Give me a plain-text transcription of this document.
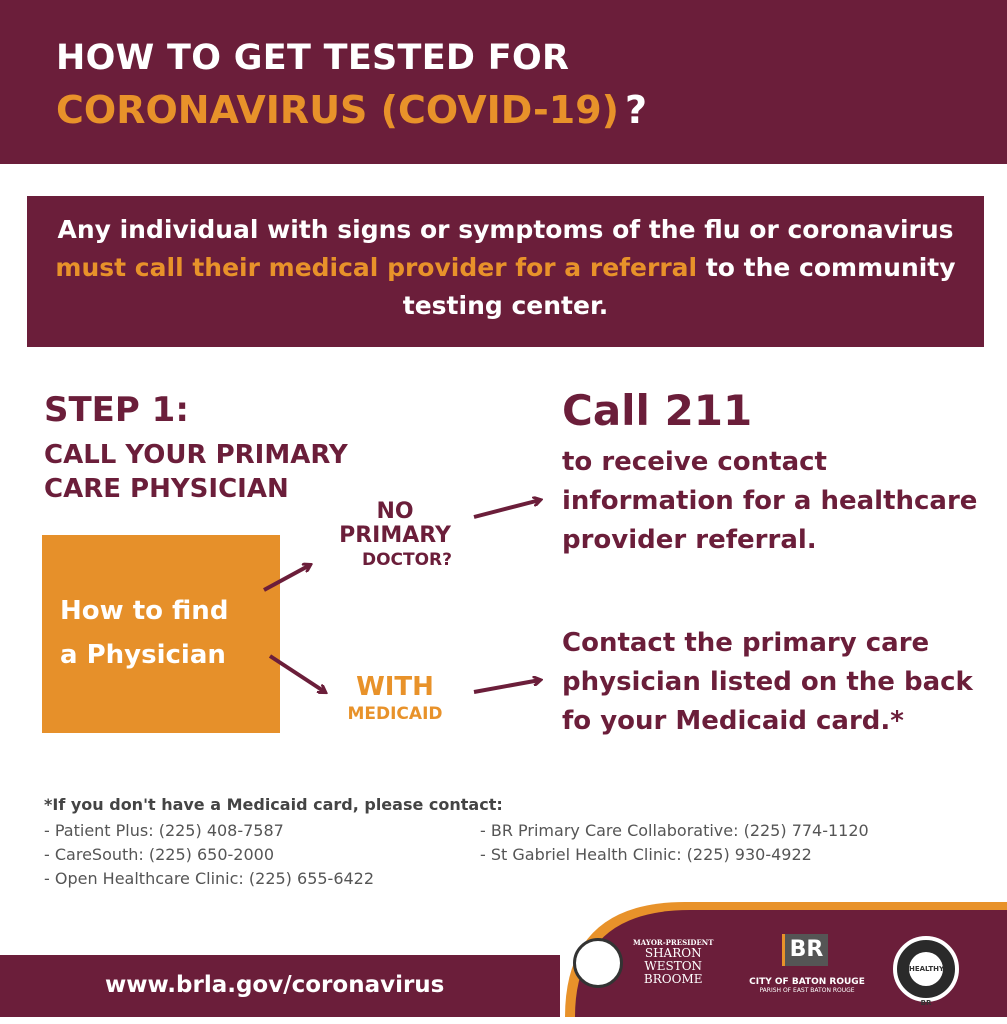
HOW TO GET TESTED FOR
CORONAVIRUS (COVID-19) ?
Any individual with signs or symptoms of the flu or coronavirus must call their medical provider for a referral to the community testing center.
STEP 1:
CALL YOUR PRIMARY CARE PHYSICIAN
Call 211
to receive contact information for a healthcare provider referral.
How to find
a Physician
NO
PRIMARY
DOCTOR?
WITH
MEDICAID
Contact the primary care physician listed on the back fo your Medicaid card.*
*If you don't have a Medicaid card, please contact:
- Patient Plus: (225) 408-7587
- CareSouth: (225) 650-2000
- Open Healthcare Clinic: (225) 655-6422
- BR Primary Care Collaborative: (225) 774-1120
- St Gabriel Health Clinic: (225) 930-4922
www.brla.gov/coronavirus
MAYOR-PRESIDENT
SHARON
WESTON
BROOME
BR
CITY OF BATON ROUGE
PARISH OF EAST BATON ROUGE
HEALTHY BR
